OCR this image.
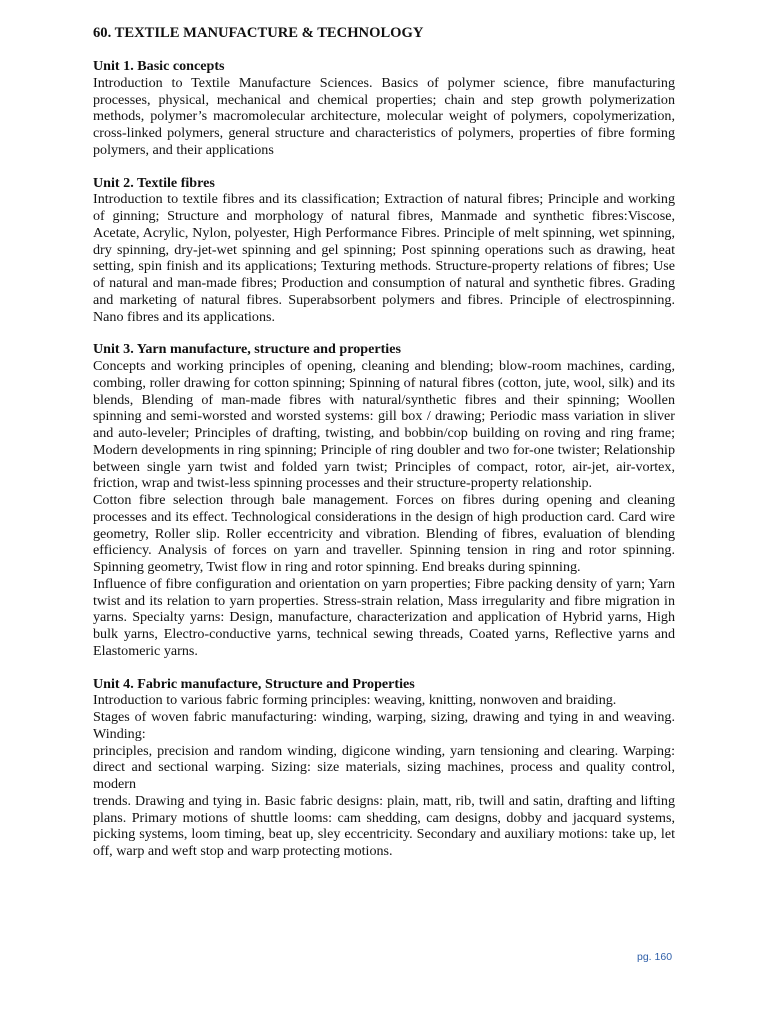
60. TEXTILE MANUFACTURE & TECHNOLOGY
Unit 1. Basic concepts

Introduction to Textile Manufacture Sciences. Basics of polymer science, fibre manufacturing processes, physical, mechanical and chemical properties; chain and step growth polymerization methods, polymer’s macromolecular architecture, molecular weight of polymers, copolymerization, cross-linked polymers, general structure and characteristics of polymers, properties of fibre forming polymers, and their applications

Unit 2. Textile fibres

Introduction to textile fibres and its classification; Extraction of natural fibres; Principle and working of ginning; Structure and morphology of natural fibres, Manmade and synthetic fibres:Viscose, Acetate, Acrylic, Nylon, polyester, High Performance Fibres. Principle of melt spinning, wet spinning, dry spinning, dry-jet-wet spinning and gel spinning; Post spinning operations such as drawing, heat setting, spin finish and its applications; Texturing methods. Structure-property relations of fibres; Use of natural and man-made fibres; Production and consumption of natural and synthetic fibres. Grading and marketing of natural fibres. Superabsorbent polymers and fibres. Principle of electrospinning. Nano fibres and its applications.

Unit 3. Yarn manufacture, structure and properties

Concepts and working principles of opening, cleaning and blending; blow-room machines, carding, combing, roller drawing for cotton spinning; Spinning of natural fibres (cotton, jute, wool, silk) and its blends, Blending of man-made fibres with natural/synthetic fibres and their spinning; Woollen spinning and semi-worsted and worsted systems: gill box / drawing; Periodic mass variation in sliver and auto-leveler; Principles of drafting, twisting, and bobbin/cop building on roving and ring frame; Modern developments in ring spinning; Principle of ring doubler and two for-one twister; Relationship between single yarn twist and folded yarn twist; Principles of compact, rotor, air-jet, air-vortex, friction, wrap and twist-less spinning processes and their structure-property relationship.

Cotton fibre selection through bale management. Forces on fibres during opening and cleaning processes and its effect. Technological considerations in the design of high production card. Card wire geometry, Roller slip. Roller eccentricity and vibration. Blending of fibres, evaluation of blending efficiency. Analysis of forces on yarn and traveller. Spinning tension in ring and rotor spinning. Spinning geometry, Twist flow in ring and rotor spinning. End breaks during spinning.

Influence of fibre configuration and orientation on yarn properties; Fibre packing density of yarn; Yarn twist and its relation to yarn properties. Stress-strain relation, Mass irregularity and fibre migration in yarns. Specialty yarns: Design, manufacture, characterization and application of Hybrid yarns, High bulk yarns, Electro-conductive yarns, technical sewing threads, Coated yarns, Reflective yarns and Elastomeric yarns.

Unit 4. Fabric manufacture, Structure and Properties

Introduction to various fabric forming principles: weaving, knitting, nonwoven and braiding.

Stages of woven fabric manufacturing: winding, warping, sizing, drawing and tying in and weaving. Winding:

principles, precision and random winding, digicone winding, yarn tensioning and clearing. Warping: direct and sectional warping. Sizing: size materials, sizing machines, process and quality control, modern

trends. Drawing and tying in. Basic fabric designs: plain, matt, rib, twill and satin, drafting and lifting plans. Primary motions of shuttle looms: cam shedding, cam designs, dobby and jacquard systems, picking systems, loom timing, beat up, sley eccentricity. Secondary and auxiliary motions: take up, let off, warp and weft stop and warp protecting motions.

pg. 160
